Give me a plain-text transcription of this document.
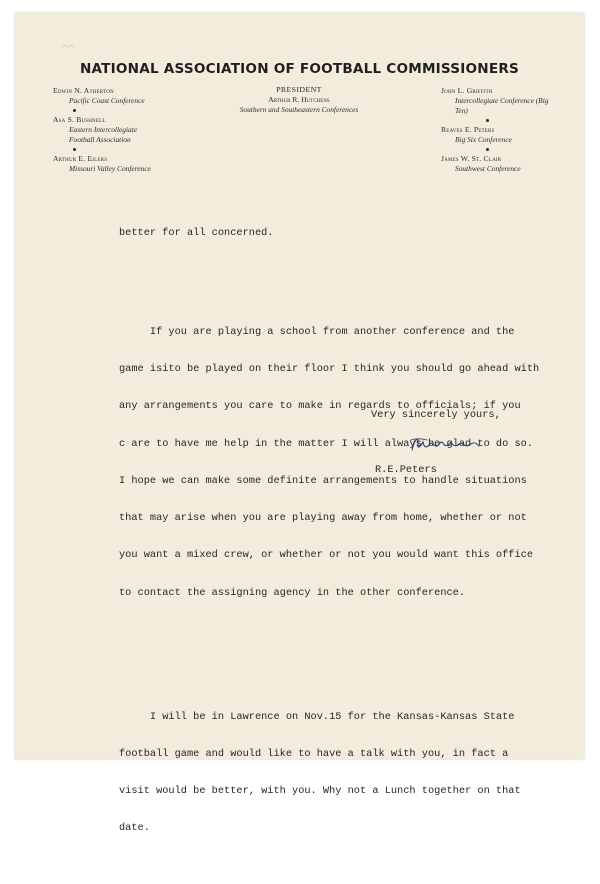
NATIONAL ASSOCIATION OF FOOTBALL COMMISSIONERS
Edwin N. Atherton
Pacific Coast Conference
Asa S. Bushnell
Eastern Intercollegiate Football Association
Arthur E. Eilers
Missouri Valley Conference
PRESIDENT
Arthur R. Hutchens
Southern and Southeastern Conferences
John L. Griffith
Intercollegiate Conference (Big Ten)
Reaves E. Peters
Big Six Conference
James W. St. Clair
Southwest Conference

better for all concerned.

If you are playing a school from another conference and the

game isito be played on their floor I think you should go ahead with

any arrangements you care to make in regards to officials; if you

c are to have me help in the matter I will always be glad to do so.

I hope we can make some definite arrangements to handle situations

that may arise when you are playing away from home, whether or not

you want a mixed crew, or whether or not you would want this office

to contact the assigning agency in the other conference.

I will be in Lawrence on Nov.15 for the Kansas-Kansas State

football game and would like to have a talk with you, in fact a

visit would be better, with you. Why not a Lunch together on that

date.

Very sincerely yours,
R.E.Peters
